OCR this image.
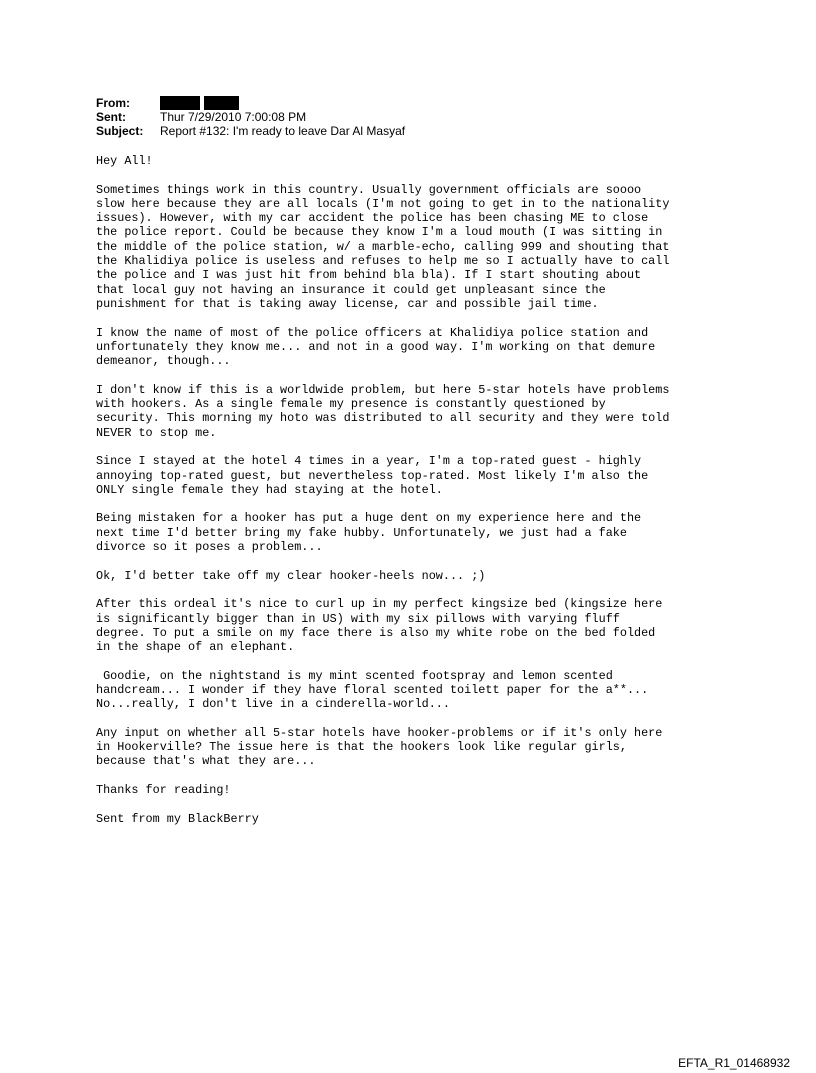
From:
Sent:	Thur 7/29/2010 7:00:08 PM
Subject:	Report #132: I'm ready to leave Dar Al Masyaf

Hey All!

Sometimes things work in this country. Usually government officials are soooo
slow here because they are all locals (I'm not going to get in to the nationality
issues). However, with my car accident the police has been chasing ME to close
the police report. Could be because they know I'm a loud mouth (I was sitting in
the middle of the police station, w/ a marble-echo, calling 999 and shouting that
the Khalidiya police is useless and refuses to help me so I actually have to call
the police and I was just hit from behind bla bla). If I start shouting about
that local guy not having an insurance it could get unpleasant since the
punishment for that is taking away license, car and possible jail time.

I know the name of most of the police officers at Khalidiya police station and
unfortunately they know me... and not in a good way. I'm working on that demure
demeanor, though...

I don't know if this is a worldwide problem, but here 5-star hotels have problems
with hookers. As a single female my presence is constantly questioned by
security. This morning my hoto was distributed to all security and they were told
NEVER to stop me.

Since I stayed at the hotel 4 times in a year, I'm a top-rated guest - highly
annoying top-rated guest, but nevertheless top-rated. Most likely I'm also the
ONLY single female they had staying at the hotel.

Being mistaken for a hooker has put a huge dent on my experience here and the
next time I'd better bring my fake hubby. Unfortunately, we just had a fake
divorce so it poses a problem...

Ok, I'd better take off my clear hooker-heels now... ;)

After this ordeal it's nice to curl up in my perfect kingsize bed (kingsize here
is significantly bigger than in US) with my six pillows with varying fluff
degree. To put a smile on my face there is also my white robe on the bed folded
in the shape of an elephant.

Goodie, on the nightstand is my mint scented footspray and lemon scented
handcream... I wonder if they have floral scented toilett paper for the a**...
No...really, I don't live in a cinderella-world...

Any input on whether all 5-star hotels have hooker-problems or if it's only here
in Hookerville? The issue here is that the hookers look like regular girls,
because that's what they are...

Thanks for reading!

Sent from my BlackBerry

EFTA_R1_01468932
